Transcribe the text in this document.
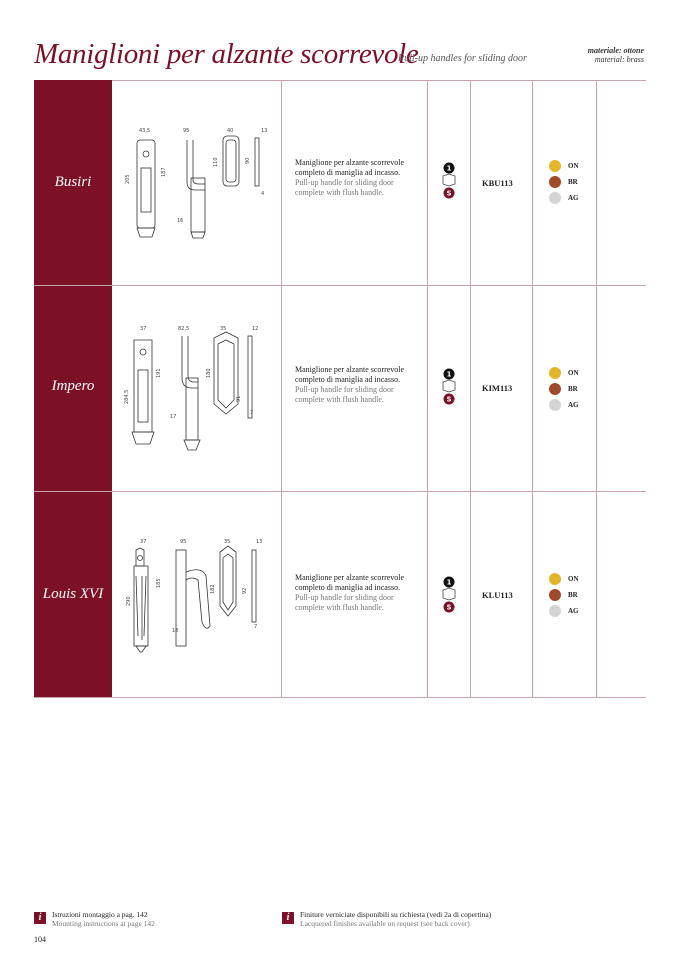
Maniglioni per alzante scorrevole
Pull-up handles for sliding door
materiale: ottone
material: brass
Busiri
43,5	95	40	13
205
187
110	90
16
4
Maniglione per alzante scorrevole
completo di maniglia ad incasso.
Pull-up handle for sliding door
complete with flush handle.
1
S
KBU113
ON
BR
AG
Impero
37	82,5	35	12
284,5
191	180
91
17
7
Maniglione per alzante scorrevole
completo di maniglia ad incasso.
Pull-up handle for sliding door
complete with flush handle.
1
S
KIM113
ON
BR
AG
Louis XVI
37	95	35	13
290
185
182	92
18
7
Maniglione per alzante scorrevole
completo di maniglia ad incasso.
Pull-up handle for sliding door
complete with flush handle.
1
S
KLU113
ON
BR
AG
i	Istruzioni montaggio a pag. 142
Mounting instructions at page 142	i	Finiture verniciate disponibili su richiesta (vedi 2a di copertina)
Lacquered finishes available on request (see back cover)
104
